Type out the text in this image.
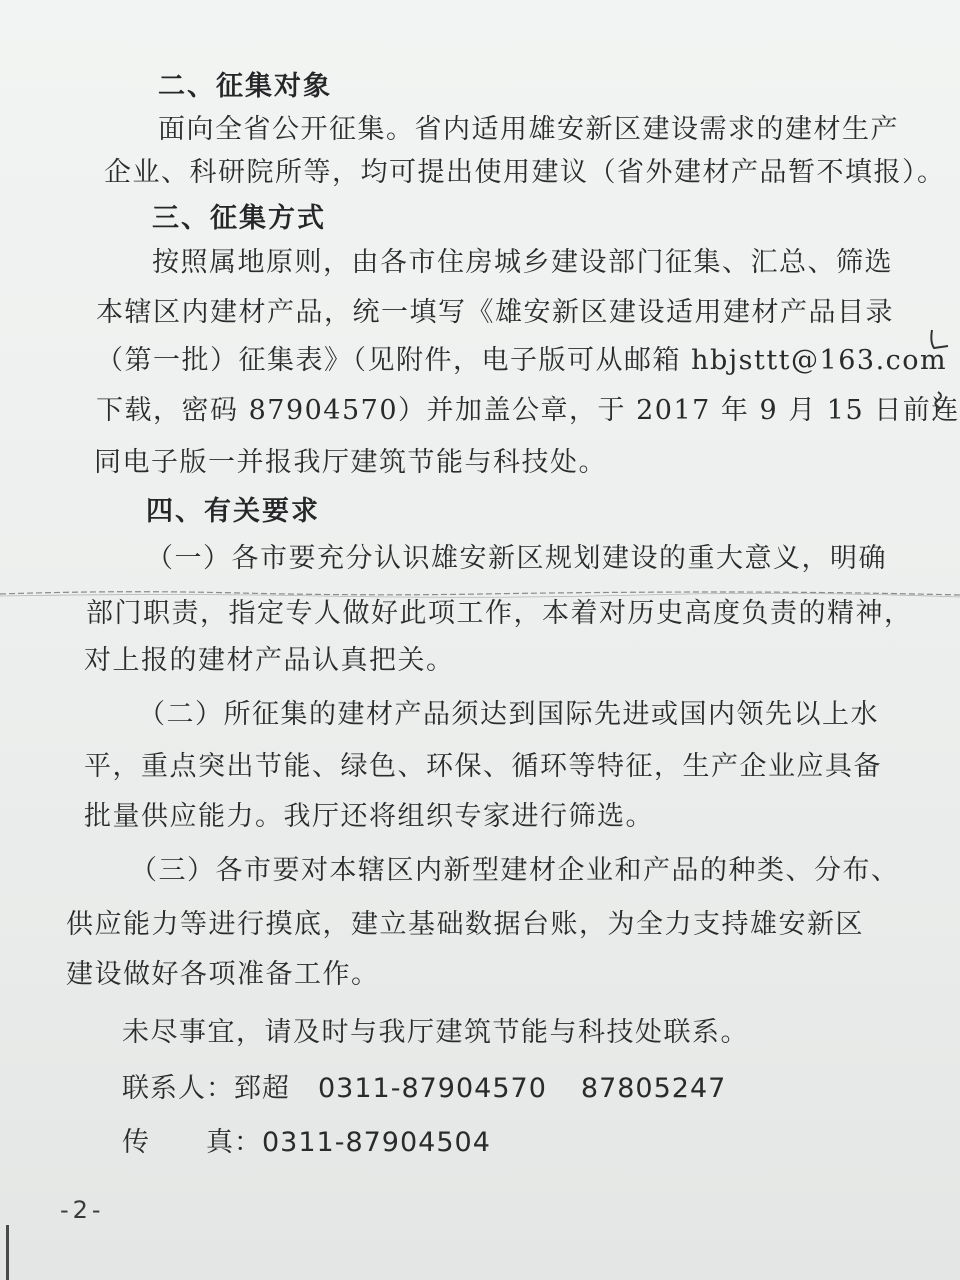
二、征集对象
面向全省公开征集。省内适用雄安新区建设需求的建材生产
企业、科研院所等，均可提出使用建议（省外建材产品暂不填报）。
三、征集方式
按照属地原则，由各市住房城乡建设部门征集、汇总、筛选
本辖区内建材产品，统一填写《雄安新区建设适用建材产品目录
（第一批）征集表》（见附件，电子版可从邮箱 hbjsttt@163.com
下载，密码 87904570）并加盖公章，于 2017 年 9 月 15 日前连
同电子版一并报我厅建筑节能与科技处。
四、有关要求
（一）各市要充分认识雄安新区规划建设的重大意义，明确
部门职责，指定专人做好此项工作，本着对历史高度负责的精神，
对上报的建材产品认真把关。
（二）所征集的建材产品须达到国际先进或国内领先以上水
平，重点突出节能、绿色、环保、循环等特征，生产企业应具备
批量供应能力。我厅还将组织专家进行筛选。
（三）各市要对本辖区内新型建材企业和产品的种类、分布、
供应能力等进行摸底，建立基础数据台账，为全力支持雄安新区
建设做好各项准备工作。
未尽事宜，请及时与我厅建筑节能与科技处联系。
联系人：郅超 0311-87904570 87805247
传　　真：0311-87904504
-2-
